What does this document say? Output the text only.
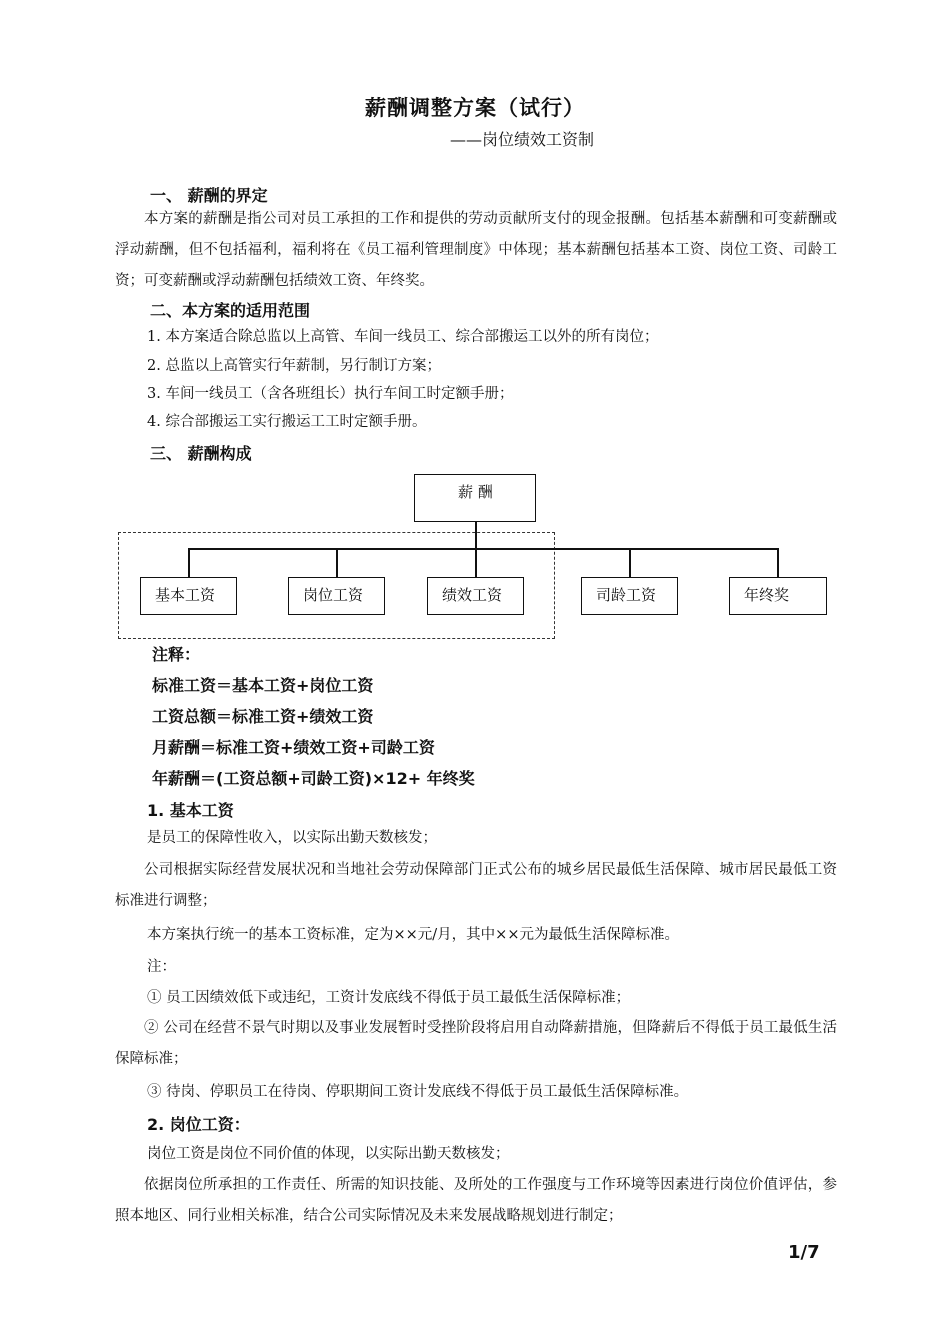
薪酬调整方案（试行）
——岗位绩效工资制
一、 薪酬的界定
本方案的薪酬是指公司对员工承担的工作和提供的劳动贡献所支付的现金报酬。包括基本薪酬和可变薪酬或浮动薪酬，但不包括福利，福利将在《员工福利管理制度》中体现；基本薪酬包括基本工资、岗位工资、司龄工资；可变薪酬或浮动薪酬包括绩效工资、年终奖。
二、本方案的适用范围
1. 本方案适合除总监以上高管、车间一线员工、综合部搬运工以外的所有岗位；
2. 总监以上高管实行年薪制，另行制订方案；
3. 车间一线员工（含各班组长）执行车间工时定额手册；
4. 综合部搬运工实行搬运工工时定额手册。
三、 薪酬构成
薪 酬
基本工资	岗位工资	绩效工资	司龄工资	年终奖
注释：
标准工资＝基本工资+岗位工资
工资总额＝标准工资+绩效工资
月薪酬＝标准工资+绩效工资+司龄工资
年薪酬＝(工资总额+司龄工资)×12+ 年终奖
1. 基本工资
是员工的保障性收入，以实际出勤天数核发；
公司根据实际经营发展状况和当地社会劳动保障部门正式公布的城乡居民最低生活保障、城市居民最低工资标准进行调整；
本方案执行统一的基本工资标准，定为××元/月，其中××元为最低生活保障标准。
注：
① 员工因绩效低下或违纪，工资计发底线不得低于员工最低生活保障标准；
② 公司在经营不景气时期以及事业发展暂时受挫阶段将启用自动降薪措施，但降薪后不得低于员工最低生活保障标准；
③ 待岗、停职员工在待岗、停职期间工资计发底线不得低于员工最低生活保障标准。
2. 岗位工资：
岗位工资是岗位不同价值的体现，以实际出勤天数核发；
依据岗位所承担的工作责任、所需的知识技能、及所处的工作强度与工作环境等因素进行岗位价值评估，参照本地区、同行业相关标准，结合公司实际情况及未来发展战略规划进行制定；
1/7
